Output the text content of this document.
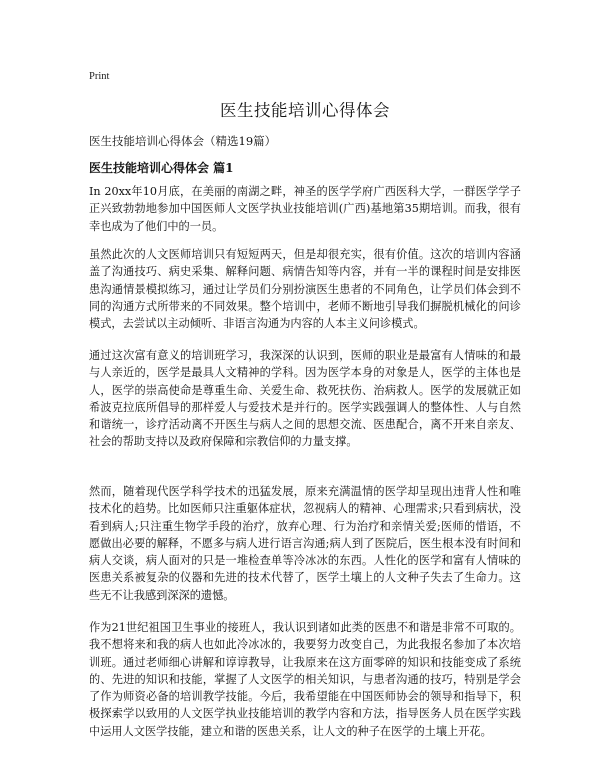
Print
医生技能培训心得体会
医生技能培训心得体会（精选19篇）
医生技能培训心得体会 篇1

In 20xx年10月底，在美丽的南湖之畔，神圣的医学学府广西医科大学，一群医学学子正兴致勃勃地参加中国医师人文医学执业技能培训(广西)基地第35期培训。而我，很有幸也成为了他们中的一员。

虽然此次的人文医师培训只有短短两天，但是却很充实，很有价值。这次的培训内容涵盖了沟通技巧、病史采集、解释问题、病情告知等内容，并有一半的课程时间是安排医患沟通情景模拟练习，通过让学员们分别扮演医生患者的不同角色，让学员们体会到不同的沟通方式所带来的不同效果。整个培训中，老师不断地引导我们摒脱机械化的问诊模式，去尝试以主动倾听、非语言沟通为内容的人本主义问诊模式。

通过这次富有意义的培训班学习，我深深的认识到，医师的职业是最富有人情味的和最与人亲近的，医学是最具人文精神的学科。因为医学本身的对象是人，医学的主体也是人，医学的崇高使命是尊重生命、关爱生命、救死扶伤、治病救人。医学的发展就正如希波克拉底所倡导的那样爱人与爱技术是并行的。医学实践强调人的整体性、人与自然和谐统一，诊疗活动离不开医生与病人之间的思想交流、医患配合，离不开来自亲友、社会的帮助支持以及政府保障和宗教信仰的力量支撑。

然而，随着现代医学科学技术的迅猛发展，原来充满温情的医学却呈现出违背人性和唯技术化的趋势。比如医师只注重躯体症状，忽视病人的精神、心理需求;只看到病状，没看到病人;只注重生物学手段的治疗，放弃心理、行为治疗和亲情关爱;医师的惜语，不愿做出必要的解释，不愿多与病人进行语言沟通;病人到了医院后，医生根本没有时间和病人交谈，病人面对的只是一堆检查单等冷冰冰的东西。人性化的医学和富有人情味的医患关系被复杂的仪器和先进的技术代替了，医学土壤上的人文种子失去了生命力。这些无不让我感到深深的遗憾。

作为21世纪祖国卫生事业的接班人，我认识到诸如此类的医患不和谐是非常不可取的。我不想将来和我的病人也如此冷冰冰的，我要努力改变自己，为此我报名参加了本次培训班。通过老师细心讲解和谆谆教导，让我原来在这方面零碎的知识和技能变成了系统的、先进的知识和技能，掌握了人文医学的相关知识，与患者沟通的技巧，特别是学会了作为师资必备的培训教学技能。今后，我希望能在中国医师协会的领导和指导下，积极探索学以致用的人文医学执业技能培训的教学内容和方法，指导医务人员在医学实践中运用人文医学技能，建立和谐的医患关系，让人文的种子在医学的土壤上开花。
